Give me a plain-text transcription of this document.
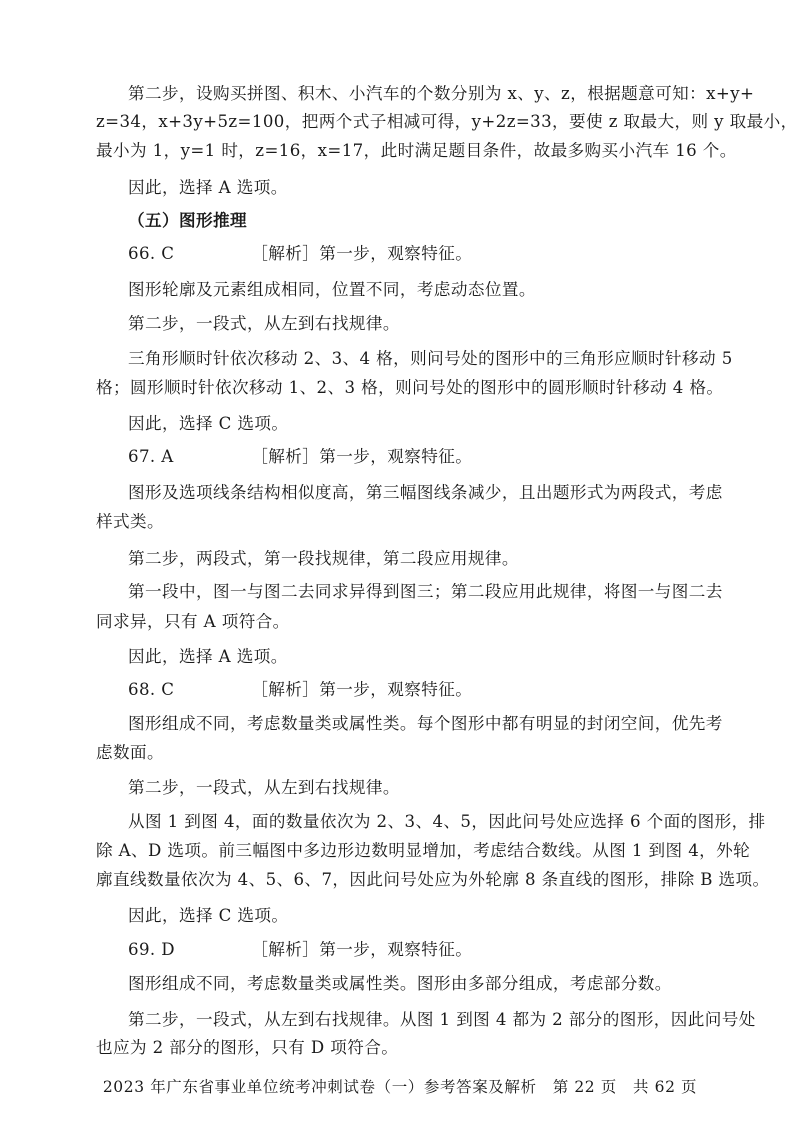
第二步，设购买拼图、积木、小汽车的个数分别为 x、y、z，根据题意可知：x+y+
z=34，x+3y+5z=100，把两个式子相减可得，y+2z=33，要使 z 取最大，则 y 取最小，
最小为 1，y=1 时，z=16，x=17，此时满足题目条件，故最多购买小汽车 16 个。
因此，选择 A 选项。
（五）图形推理
66. C	［解析］第一步，观察特征。
图形轮廓及元素组成相同，位置不同，考虑动态位置。
第二步，一段式，从左到右找规律。
三角形顺时针依次移动 2、3、4 格，则问号处的图形中的三角形应顺时针移动 5
格；圆形顺时针依次移动 1、2、3 格，则问号处的图形中的圆形顺时针移动 4 格。
因此，选择 C 选项。
67. A	［解析］第一步，观察特征。
图形及选项线条结构相似度高，第三幅图线条减少，且出题形式为两段式，考虑
样式类。
第二步，两段式，第一段找规律，第二段应用规律。
第一段中，图一与图二去同求异得到图三；第二段应用此规律，将图一与图二去
同求异，只有 A 项符合。
因此，选择 A 选项。
68. C	［解析］第一步，观察特征。
图形组成不同，考虑数量类或属性类。每个图形中都有明显的封闭空间，优先考
虑数面。
第二步，一段式，从左到右找规律。
从图 1 到图 4，面的数量依次为 2、3、4、5，因此问号处应选择 6 个面的图形，排
除 A、D 选项。前三幅图中多边形边数明显增加，考虑结合数线。从图 1 到图 4，外轮
廓直线数量依次为 4、5、6、7，因此问号处应为外轮廓 8 条直线的图形，排除 B 选项。
因此，选择 C 选项。
69. D	［解析］第一步，观察特征。
图形组成不同，考虑数量类或属性类。图形由多部分组成，考虑部分数。
第二步，一段式，从左到右找规律。从图 1 到图 4 都为 2 部分的图形，因此问号处
也应为 2 部分的图形，只有 D 项符合。
2023 年广东省事业单位统考冲刺试卷（一）参考答案及解析　第 22 页　共 62 页
